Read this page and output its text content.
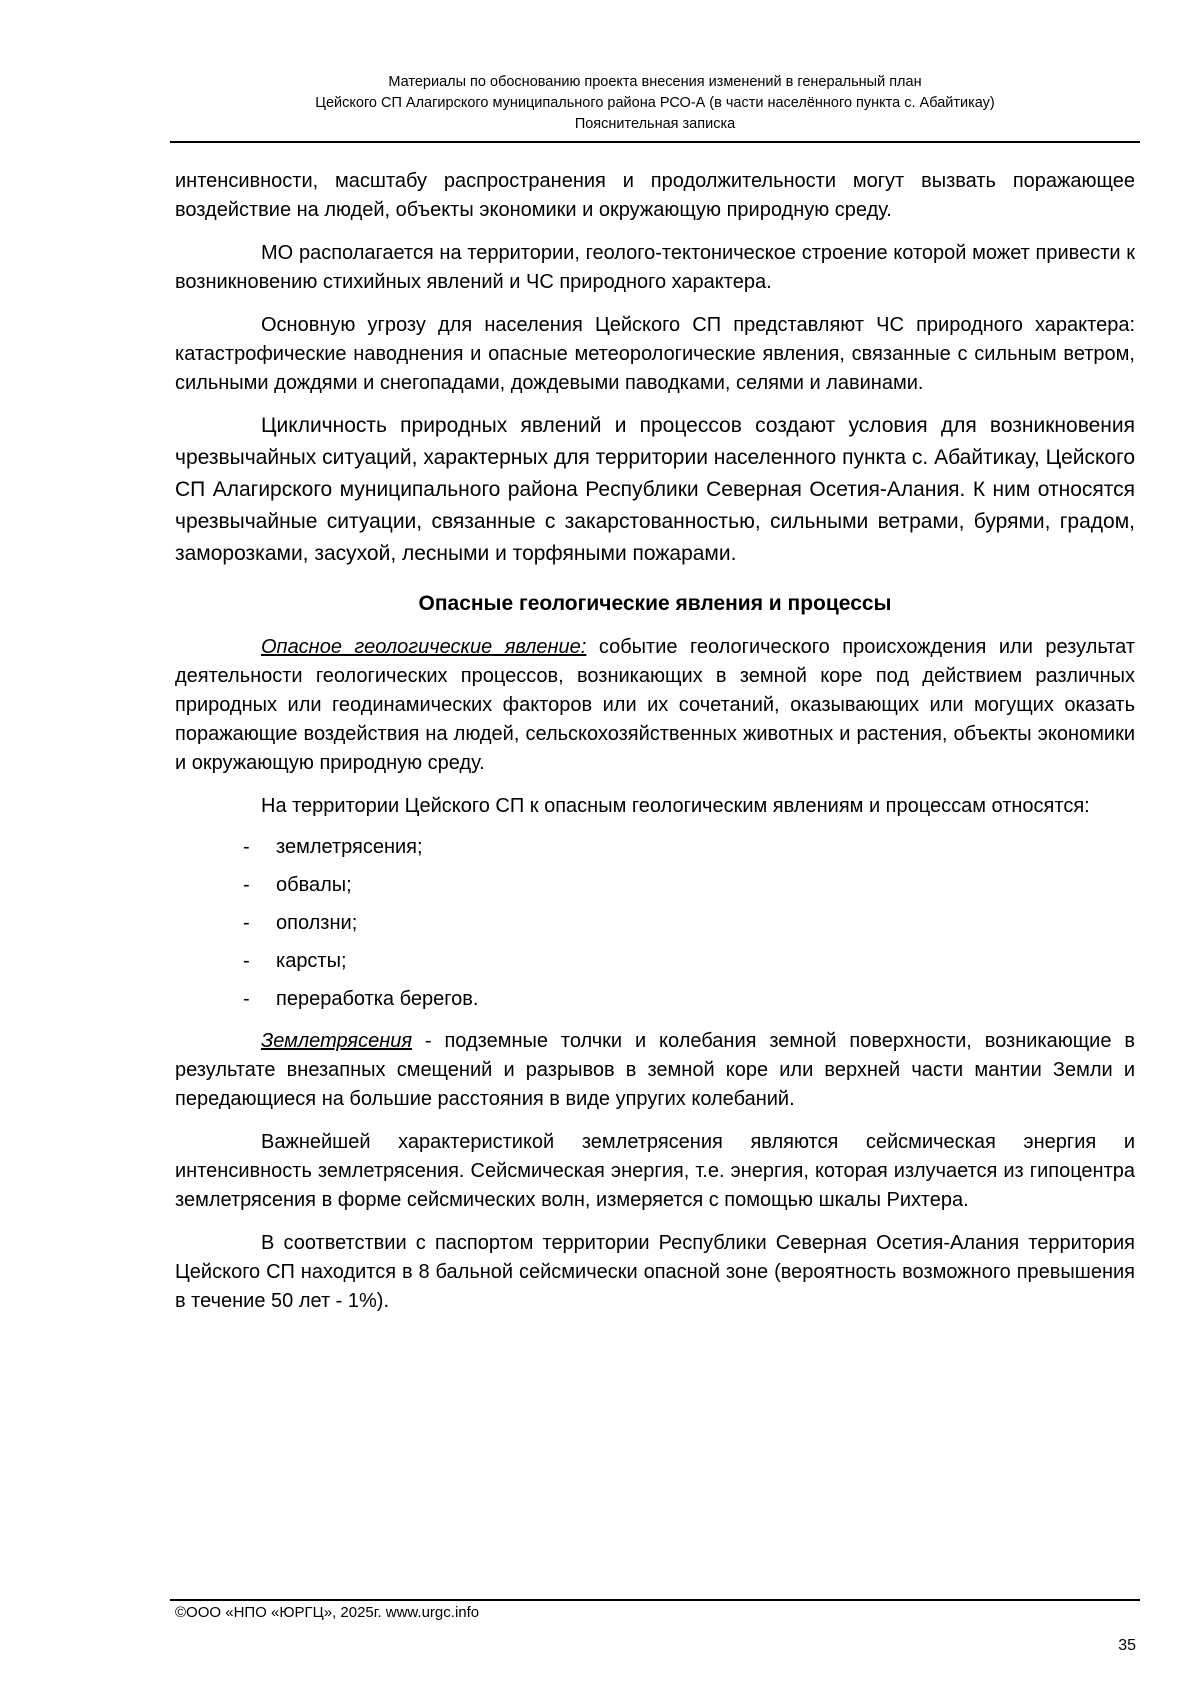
Материалы по обоснованию проекта внесения изменений в генеральный план
Цейского СП Алагирского муниципального района РСО-А (в части населённого пункта с. Абайтикау)
Пояснительная записка

интенсивности, масштабу распространения и продолжительности могут вызвать поражающее воздействие на людей, объекты экономики и окружающую природную среду.

МО располагается на территории, геолого-тектоническое строение которой может привести к возникновению стихийных явлений и ЧС природного характера.

Основную угрозу для населения Цейского СП представляют ЧС природного характера: катастрофические наводнения и опасные метеорологические явления, связанные с сильным ветром, сильными дождями и снегопадами, дождевыми паводками, селями и лавинами.

Цикличность природных явлений и процессов создают условия для возникновения чрезвычайных ситуаций, характерных для территории населенного пункта с. Абайтикау, Цейского СП Алагирского муниципального района Республики Северная Осетия-Алания. К ним относятся чрезвычайные ситуации, связанные с закарстованностью, сильными ветрами, бурями, градом, заморозками, засухой, лесными и торфяными пожарами.

Опасные геологические явления и процессы

Опасное геологические явление: событие геологического происхождения или результат деятельности геологических процессов, возникающих в земной коре под действием различных природных или геодинамических факторов или их сочетаний, оказывающих или могущих оказать поражающие воздействия на людей, сельскохозяйственных животных и растения, объекты экономики и окружающую природную среду.

На территории Цейского СП к опасным геологическим явлениям и процессам относятся:

- землетрясения;
- обвалы;
- оползни;
- карсты;
- переработка берегов.

Землетрясения - подземные толчки и колебания земной поверхности, возникающие в результате внезапных смещений и разрывов в земной коре или верхней части мантии Земли и передающиеся на большие расстояния в виде упругих колебаний.

Важнейшей характеристикой землетрясения являются сейсмическая энергия и интенсивность землетрясения. Сейсмическая энергия, т.е. энергия, которая излучается из гипоцентра землетрясения в форме сейсмических волн, измеряется с помощью шкалы Рихтера.

В соответствии с паспортом территории Республики Северная Осетия-Алания территория Цейского СП находится в 8 бальной сейсмически опасной зоне (вероятность возможного превышения в течение 50 лет - 1%).

©ООО «НПО «ЮРГЦ», 2025г. www.urgc.info
35
